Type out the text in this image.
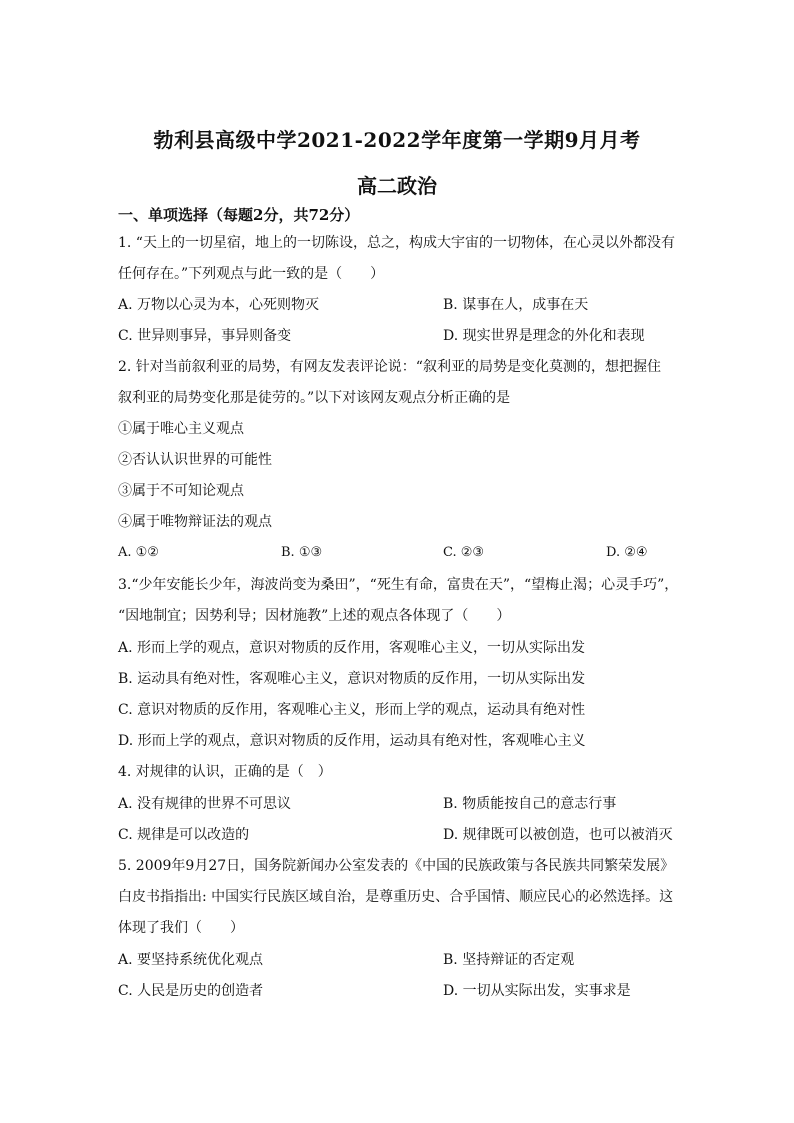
勃利县高级中学2021-2022学年度第一学期9月月考
高二政治
一、单项选择（每题2分，共72分）
1. “天上的一切星宿，地上的一切陈设，总之，构成大宇宙的一切物体，在心灵以外都没有
任何存在。”下列观点与此一致的是（　　）
A. 万物以心灵为本，心死则物灭	B. 谋事在人，成事在天
C. 世异则事异，事异则备变	D. 现实世界是理念的外化和表现
2. 针对当前叙利亚的局势，有网友发表评论说：“叙利亚的局势是变化莫测的，想把握住
叙利亚的局势变化那是徒劳的。”以下对该网友观点分析正确的是
①属于唯心主义观点
②否认认识世界的可能性
③属于不可知论观点
④属于唯物辩证法的观点
A. ①②	B. ①③	C. ②③	D. ②④
3.“少年安能长少年，海波尚变为桑田”，“死生有命，富贵在天”，“望梅止渴；心灵手巧”，
“因地制宜；因势利导；因材施教”上述的观点各体现了（　　）
A. 形而上学的观点，意识对物质的反作用，客观唯心主义，一切从实际出发
B. 运动具有绝对性，客观唯心主义，意识对物质的反作用，一切从实际出发
C. 意识对物质的反作用，客观唯心主义，形而上学的观点，运动具有绝对性
D. 形而上学的观点，意识对物质的反作用，运动具有绝对性，客观唯心主义
4. 对规律的认识，正确的是（　）
A. 没有规律的世界不可思议	B. 物质能按自己的意志行事
C. 规律是可以改造的	D. 规律既可以被创造，也可以被消灭
5. 2009年9月27日，国务院新闻办公室发表的《中国的民族政策与各民族共同繁荣发展》
白皮书指指出: 中国实行民族区域自治，是尊重历史、合乎国情、顺应民心的必然选择。这
体现了我们（　　）
A. 要坚持系统优化观点	B. 坚持辩证的否定观
C. 人民是历史的创造者	D. 一切从实际出发，实事求是
